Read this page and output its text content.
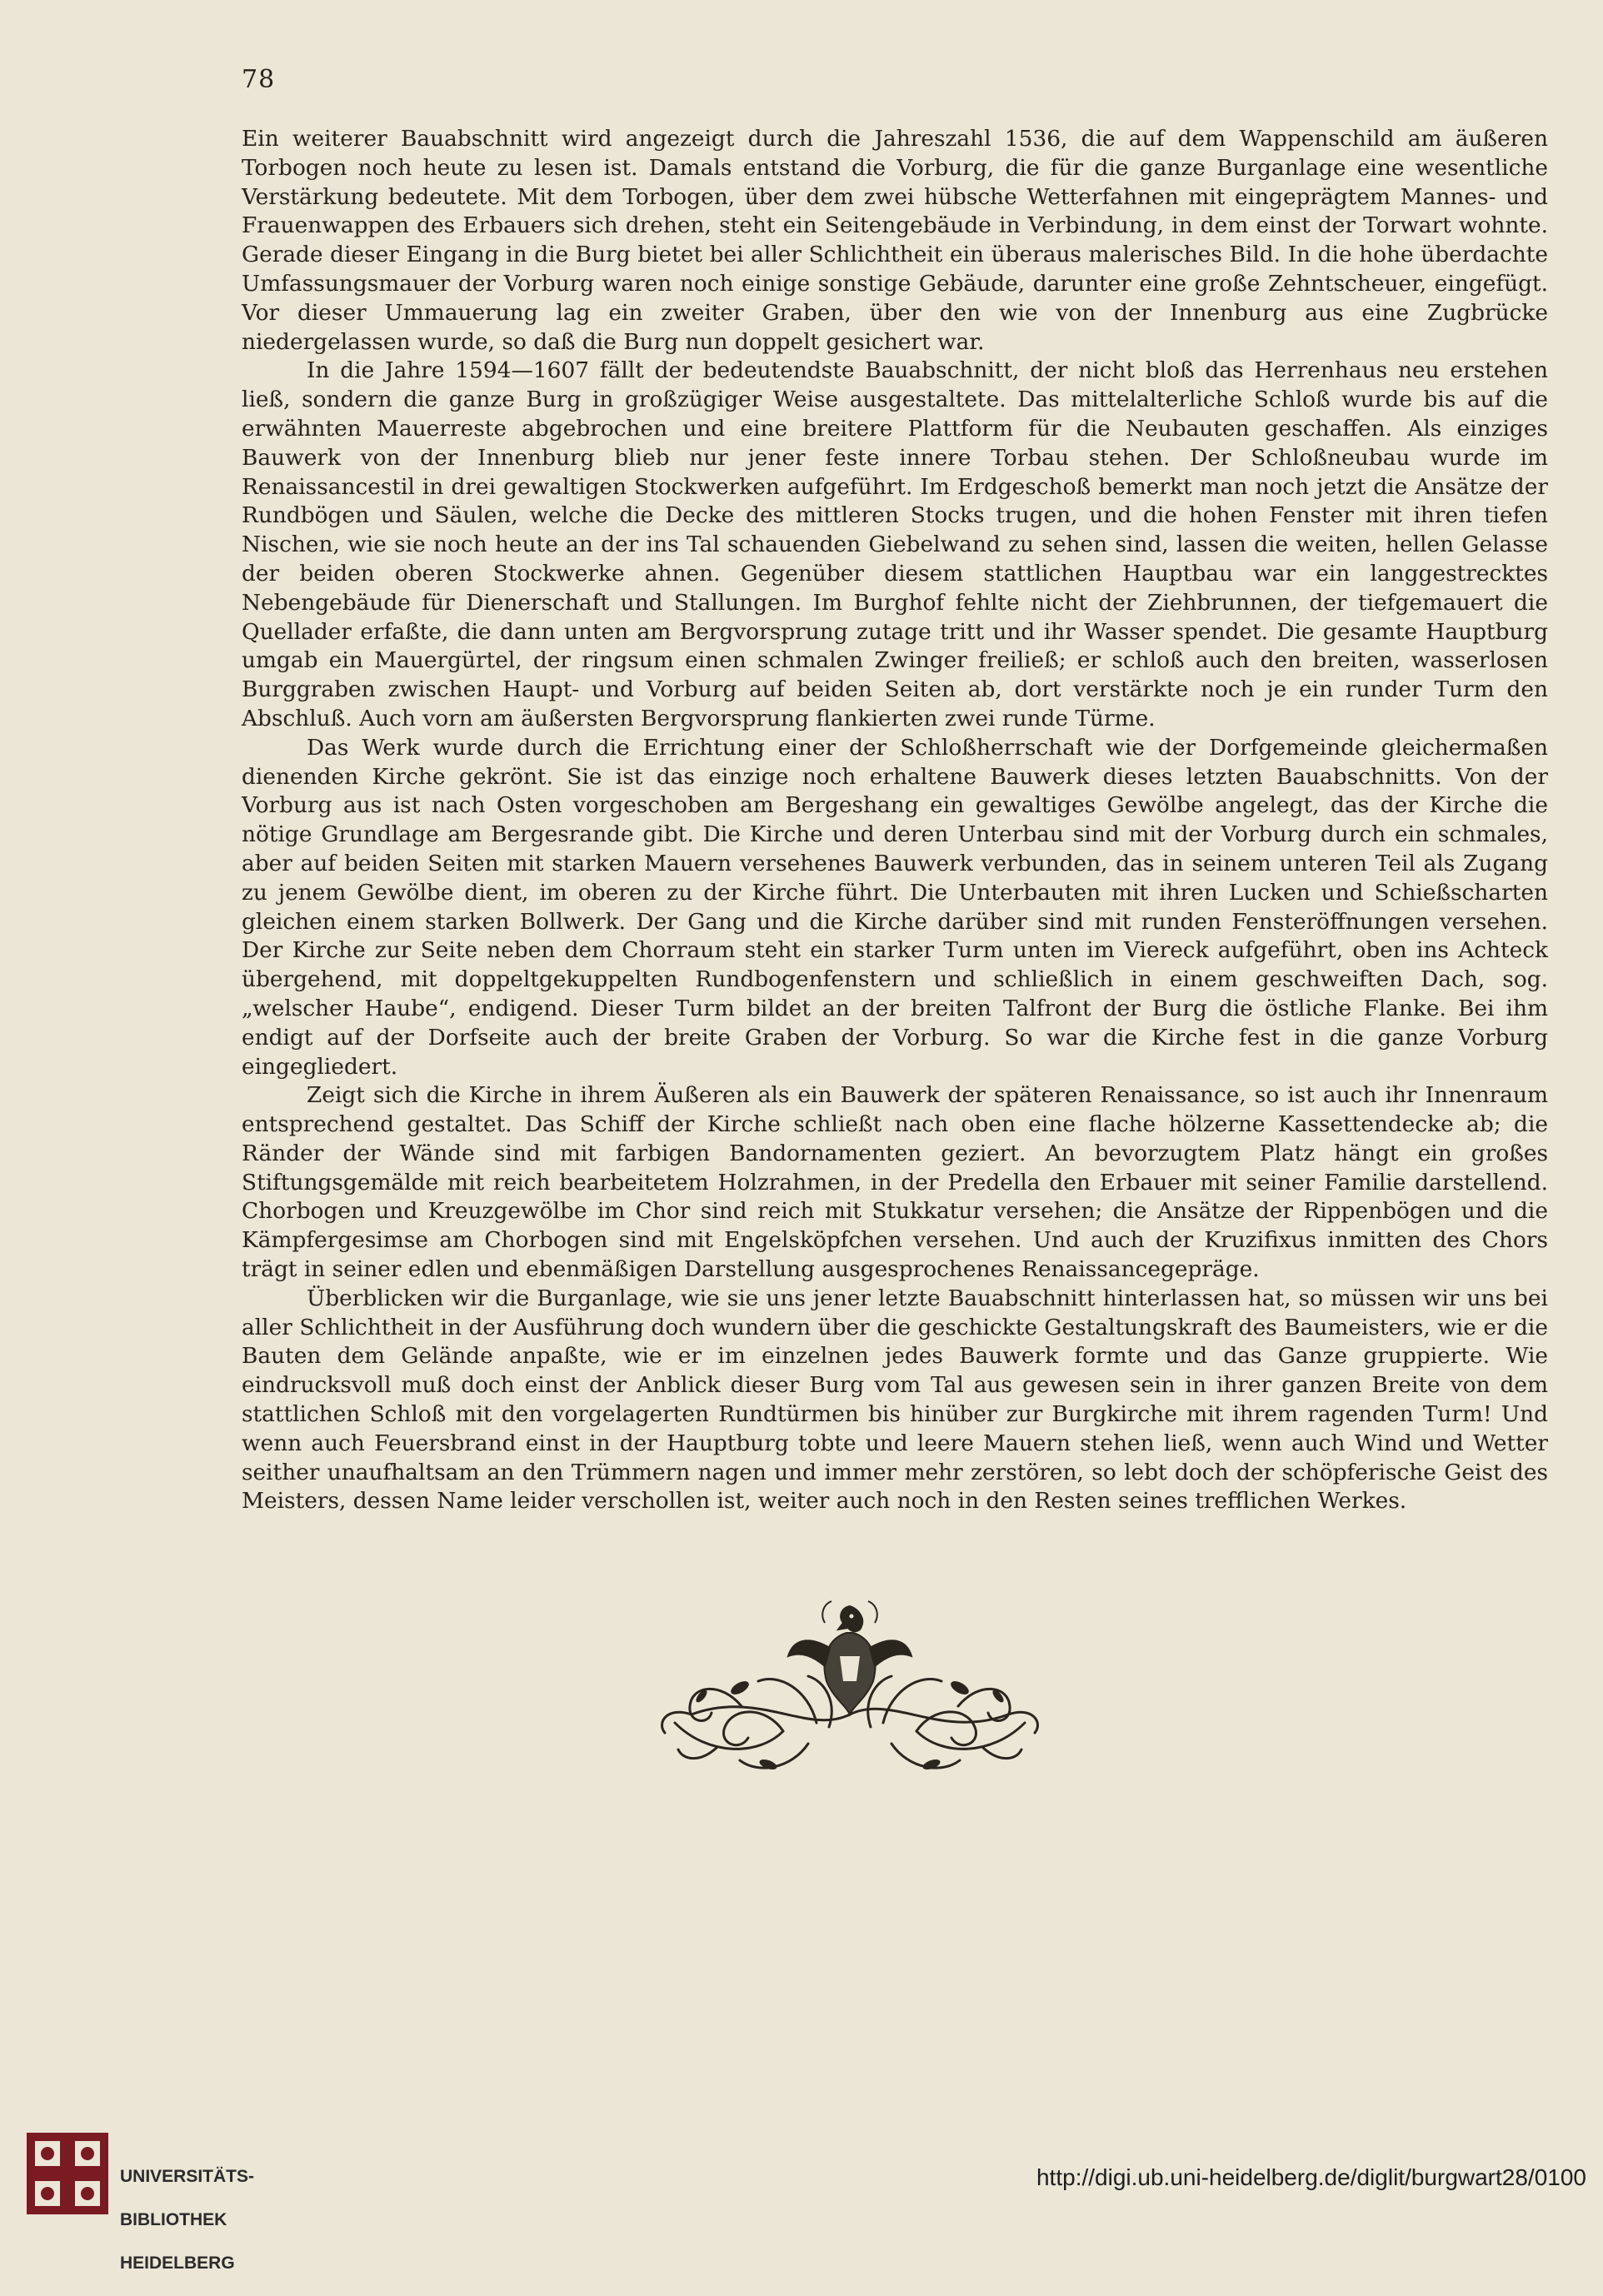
78

Ein weiterer Bauabschnitt wird angezeigt durch die Jahreszahl 1536, die auf dem Wappenschild am äußeren Torbogen noch heute zu lesen ist. Damals entstand die Vorburg, die für die ganze Burganlage eine wesentliche Verstärkung bedeutete. Mit dem Torbogen, über dem zwei hübsche Wetterfahnen mit eingeprägtem Mannes- und Frauenwappen des Erbauers sich drehen, steht ein Seitengebäude in Verbindung, in dem einst der Torwart wohnte. Gerade dieser Eingang in die Burg bietet bei aller Schlichtheit ein überaus malerisches Bild. In die hohe überdachte Umfassungsmauer der Vorburg waren noch einige sonstige Gebäude, darunter eine große Zehntscheuer, eingefügt. Vor dieser Ummauerung lag ein zweiter Graben, über den wie von der Innenburg aus eine Zugbrücke niedergelassen wurde, so daß die Burg nun doppelt gesichert war.

In die Jahre 1594—1607 fällt der bedeutendste Bauabschnitt, der nicht bloß das Herrenhaus neu erstehen ließ, sondern die ganze Burg in großzügiger Weise ausgestaltete. Das mittelalterliche Schloß wurde bis auf die erwähnten Mauerreste abgebrochen und eine breitere Plattform für die Neubauten geschaffen. Als einziges Bauwerk von der Innenburg blieb nur jener feste innere Torbau stehen. Der Schloßneubau wurde im Renaissancestil in drei gewaltigen Stockwerken aufgeführt. Im Erdgeschoß bemerkt man noch jetzt die Ansätze der Rundbögen und Säulen, welche die Decke des mittleren Stocks trugen, und die hohen Fenster mit ihren tiefen Nischen, wie sie noch heute an der ins Tal schauenden Giebelwand zu sehen sind, lassen die weiten, hellen Gelasse der beiden oberen Stockwerke ahnen. Gegenüber diesem stattlichen Hauptbau war ein langgestrecktes Nebengebäude für Dienerschaft und Stallungen. Im Burghof fehlte nicht der Ziehbrunnen, der tiefgemauert die Quellader erfaßte, die dann unten am Bergvorsprung zutage tritt und ihr Wasser spendet. Die gesamte Hauptburg umgab ein Mauergürtel, der ringsum einen schmalen Zwinger freiließ; er schloß auch den breiten, wasserlosen Burggraben zwischen Haupt- und Vorburg auf beiden Seiten ab, dort verstärkte noch je ein runder Turm den Abschluß. Auch vorn am äußersten Bergvorsprung flankierten zwei runde Türme.

Das Werk wurde durch die Errichtung einer der Schloßherrschaft wie der Dorfgemeinde gleichermaßen dienenden Kirche gekrönt. Sie ist das einzige noch erhaltene Bauwerk dieses letzten Bauabschnitts. Von der Vorburg aus ist nach Osten vorgeschoben am Bergeshang ein gewaltiges Gewölbe angelegt, das der Kirche die nötige Grundlage am Bergesrande gibt. Die Kirche und deren Unterbau sind mit der Vorburg durch ein schmales, aber auf beiden Seiten mit starken Mauern versehenes Bauwerk verbunden, das in seinem unteren Teil als Zugang zu jenem Gewölbe dient, im oberen zu der Kirche führt. Die Unterbauten mit ihren Lucken und Schießscharten gleichen einem starken Bollwerk. Der Gang und die Kirche darüber sind mit runden Fensteröffnungen versehen. Der Kirche zur Seite neben dem Chorraum steht ein starker Turm unten im Viereck aufgeführt, oben ins Achteck übergehend, mit doppeltgekuppelten Rundbogenfenstern und schließlich in einem geschweiften Dach, sog. „welscher Haube“, endigend. Dieser Turm bildet an der breiten Talfront der Burg die östliche Flanke. Bei ihm endigt auf der Dorfseite auch der breite Graben der Vorburg. So war die Kirche fest in die ganze Vorburg eingegliedert.

Zeigt sich die Kirche in ihrem Äußeren als ein Bauwerk der späteren Renaissance, so ist auch ihr Innenraum entsprechend gestaltet. Das Schiff der Kirche schließt nach oben eine flache hölzerne Kassettendecke ab; die Ränder der Wände sind mit farbigen Bandornamenten geziert. An bevorzugtem Platz hängt ein großes Stiftungsgemälde mit reich bearbeitetem Holzrahmen, in der Predella den Erbauer mit seiner Familie darstellend. Chorbogen und Kreuzgewölbe im Chor sind reich mit Stukkatur versehen; die Ansätze der Rippenbögen und die Kämpfergesimse am Chorbogen sind mit Engelsköpfchen versehen. Und auch der Kruzifixus inmitten des Chors trägt in seiner edlen und ebenmäßigen Darstellung ausgesprochenes Renaissancegepräge.

Überblicken wir die Burganlage, wie sie uns jener letzte Bauabschnitt hinterlassen hat, so müssen wir uns bei aller Schlichtheit in der Ausführung doch wundern über die geschickte Gestaltungskraft des Baumeisters, wie er die Bauten dem Gelände anpaßte, wie er im einzelnen jedes Bauwerk formte und das Ganze gruppierte. Wie eindrucksvoll muß doch einst der Anblick dieser Burg vom Tal aus gewesen sein in ihrer ganzen Breite von dem stattlichen Schloß mit den vorgelagerten Rundtürmen bis hinüber zur Burgkirche mit ihrem ragenden Turm! Und wenn auch Feuersbrand einst in der Hauptburg tobte und leere Mauern stehen ließ, wenn auch Wind und Wetter seither unaufhaltsam an den Trümmern nagen und immer mehr zerstören, so lebt doch der schöpferische Geist des Meisters, dessen Name leider verschollen ist, weiter auch noch in den Resten seines trefflichen Werkes.

UNIVERSITÄTS-

BIBLIOTHEK

HEIDELBERG

http://digi.ub.uni-heidelberg.de/diglit/burgwart28/0100
